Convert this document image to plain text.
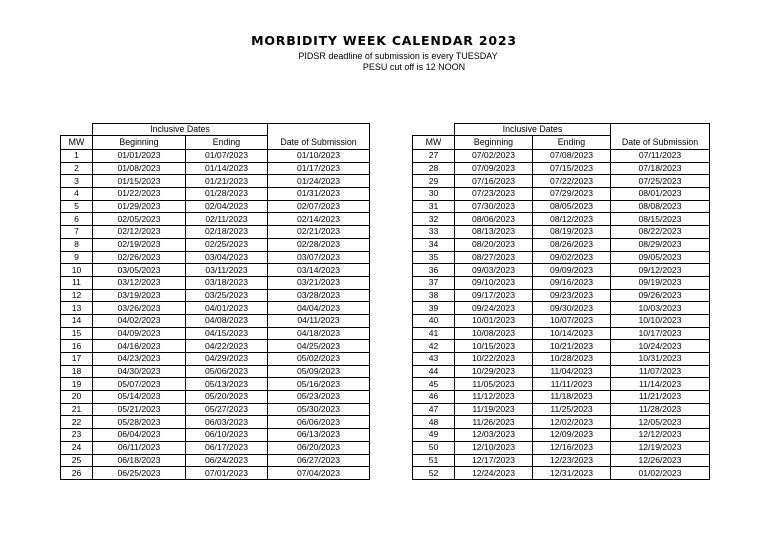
MORBIDITY WEEK CALENDAR 2023
PIDSR deadline of submission is every TUESDAY
PESU cut off is 12 NOON
	Inclusive Dates		
MW	Beginning	Ending	Date of Submission
1	01/01/2023	01/07/2023	01/10/2023
2	01/08/2023	01/14/2023	01/17/2023
3	01/15/2023	01/21/2023	01/24/2023
4	01/22/2023	01/28/2023	01/31/2023
5	01/29/2023	02/04/2023	02/07/2023
6	02/05/2023	02/11/2023	02/14/2023
7	02/12/2023	02/18/2023	02/21/2023
8	02/19/2023	02/25/2023	02/28/2023
9	02/26/2023	03/04/2023	03/07/2023
10	03/05/2023	03/11/2023	03/14/2023
11	03/12/2023	03/18/2023	03/21/2023
12	03/19/2023	03/25/2023	03/28/2023
13	03/26/2023	04/01/2023	04/04/2023
14	04/02/2023	04/08/2023	04/11/2023
15	04/09/2023	04/15/2023	04/18/2023
16	04/16/2023	04/22/2023	04/25/2023
17	04/23/2023	04/29/2023	05/02/2023
18	04/30/2023	05/06/2023	05/09/2023
19	05/07/2023	05/13/2023	05/16/2023
20	05/14/2023	05/20/2023	05/23/2023
21	05/21/2023	05/27/2023	05/30/2023
22	05/28/2023	06/03/2023	06/06/2023
23	06/04/2023	06/10/2023	06/13/2023
24	06/11/2023	06/17/2023	06/20/2023
25	06/18/2023	06/24/2023	06/27/2023
26	06/25/2023	07/01/2023	07/04/2023
	Inclusive Dates		
MW	Beginning	Ending	Date of Submission
27	07/02/2023	07/08/2023	07/11/2023
28	07/09/2023	07/15/2023	07/18/2023
29	07/16/2023	07/22/2023	07/25/2023
30	07/23/2023	07/29/2023	08/01/2023
31	07/30/2023	08/05/2023	08/08/2023
32	08/06/2023	08/12/2023	08/15/2023
33	08/13/2023	08/19/2023	08/22/2023
34	08/20/2023	08/26/2023	08/29/2023
35	08/27/2023	09/02/2023	09/05/2023
36	09/03/2023	09/09/2023	09/12/2023
37	09/10/2023	09/16/2023	09/19/2023
38	09/17/2023	09/23/2023	09/26/2023
39	09/24/2023	09/30/2023	10/03/2023
40	10/01/2023	10/07/2023	10/10/2023
41	10/08/2023	10/14/2023	10/17/2023
42	10/15/2023	10/21/2023	10/24/2023
43	10/22/2023	10/28/2023	10/31/2023
44	10/29/2023	11/04/2023	11/07/2023
45	11/05/2023	11/11/2023	11/14/2023
46	11/12/2023	11/18/2023	11/21/2023
47	11/19/2023	11/25/2023	11/28/2023
48	11/26/2023	12/02/2023	12/05/2023
49	12/03/2023	12/09/2023	12/12/2023
50	12/10/2023	12/16/2023	12/19/2023
51	12/17/2023	12/23/2023	12/26/2023
52	12/24/2023	12/31/2023	01/02/2023
